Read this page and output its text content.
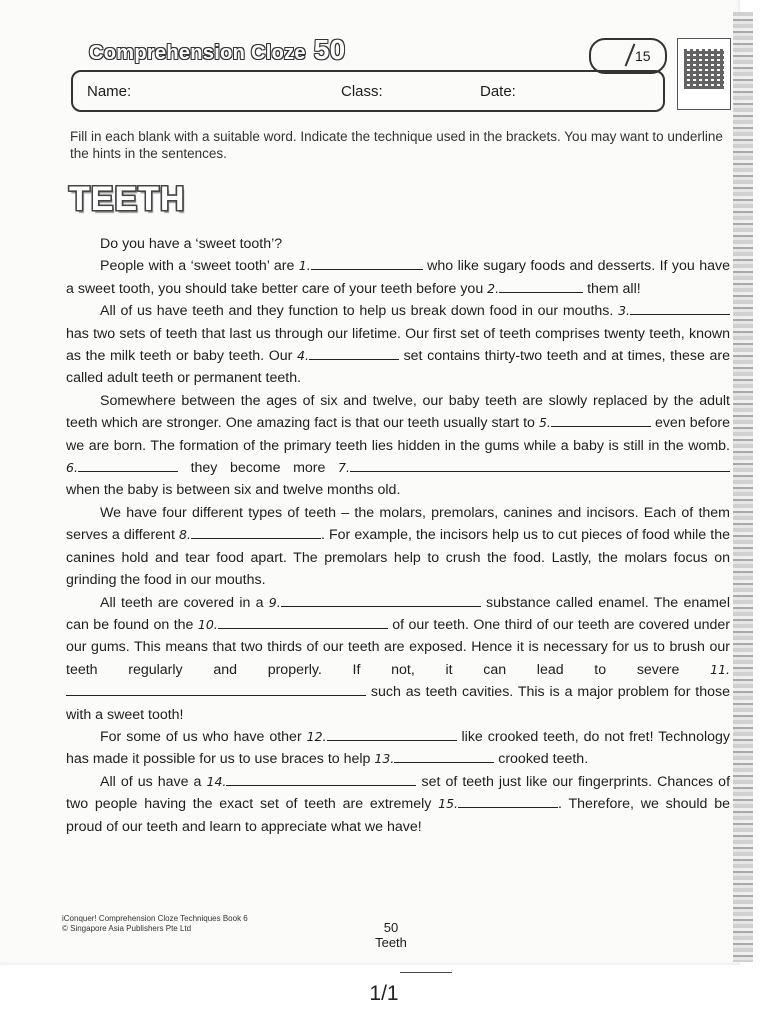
Comprehension Cloze 50	15
Name:	Class:	Date:
Fill in each blank with a suitable word. Indicate the technique used in the brackets. You may want to underline the hints in the sentences.
TEETH

Do you have a ‘sweet tooth’?

People with a ‘sweet tooth’ are 1.	who like sugary foods and desserts. If you have a sweet tooth, you should take better care of your teeth before you 2.	them all!

All of us have teeth and they function to help us break down food in our mouths. 3. has two sets of teeth that last us through our lifetime. Our first set of teeth comprises twenty teeth, known as the milk teeth or baby teeth. Our 4.	set contains thirty-two teeth and at times, these are called adult teeth or permanent teeth.

Somewhere between the ages of six and twelve, our baby teeth are slowly replaced by the adult teeth which are stronger. One amazing fact is that our teeth usually start to 5.	even before we are born. The formation of the primary teeth lies hidden in the gums while a baby is still in the womb. 6.	they become more 7. when the baby is between six and twelve months old.

We have four different types of teeth – the molars, premolars, canines and incisors. Each of them serves a different 8.	. For example, the incisors help us to cut pieces of food while the canines hold and tear food apart. The premolars help to crush the food. Lastly, the molars focus on grinding the food in our mouths.

All teeth are covered in a 9.	substance called enamel. The enamel can be found on the 10.	of our teeth. One third of our teeth are covered under our gums. This means that two thirds of our teeth are exposed. Hence it is necessary for us to brush our teeth regularly and properly. If not, it can lead to severe 11. such as teeth cavities. This is a major problem for those with a sweet tooth!

For some of us who have other 12.	like crooked teeth, do not fret! Technology has made it possible for us to use braces to help 13.	crooked teeth.

All of us have a 14.	set of teeth just like our fingerprints. Chances of two people having the exact set of teeth are extremely 15.	. Therefore, we should be proud of our teeth and learn to appreciate what we have!

iConquer! Comprehension Cloze Techniques Book 6
© Singapore Asia Publishers Pte Ltd	50
Teeth
1/1
